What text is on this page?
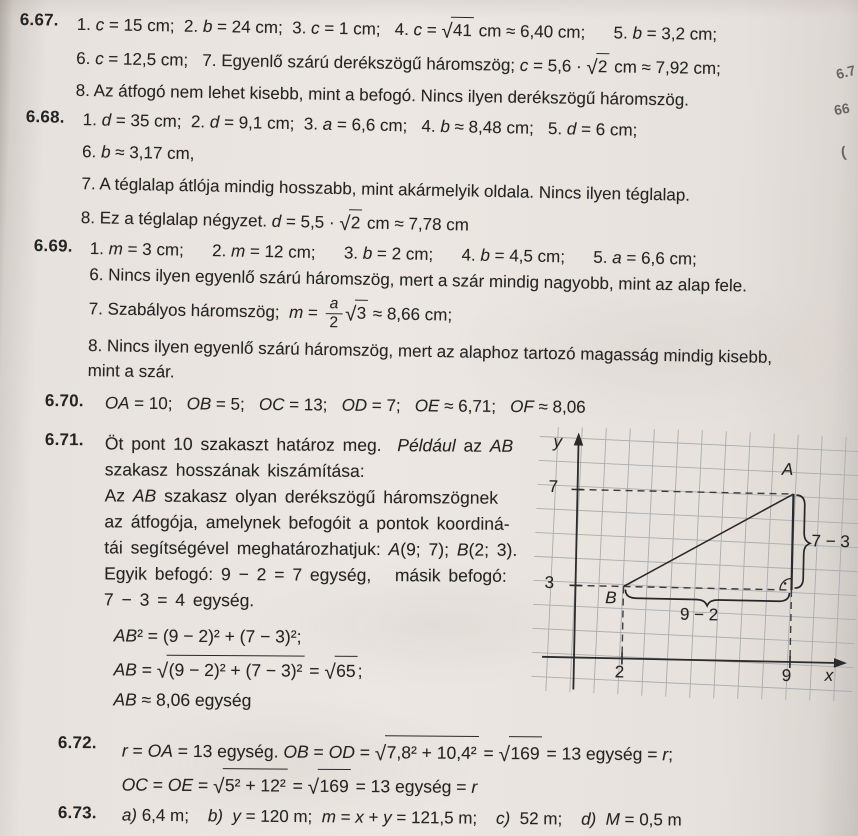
6.67. 1. c = 15 cm;  2. b = 24 cm;  3. c = 1 cm;   4. c = √41 cm ≈ 6,40 cm;      5. b = 3,2 cm;
6. c = 12,5 cm;   7. Egyenlő szárú derékszögű háromszög; c = 5,6 · √2 cm ≈ 7,92 cm;
8. Az átfogó nem lehet kisebb, mint a befogó. Nincs ilyen derékszögű háromszög.
6.68. 1. d = 35 cm;  2. d = 9,1 cm;  3. a = 6,6 cm;   4. b ≈ 8,48 cm;   5. d = 6 cm;
6. b ≈ 3,17 cm,
7. A téglalap átlója mindig hosszabb, mint akármelyik oldala. Nincs ilyen téglalap.
8. Ez a téglalap négyzet. d = 5,5 · √2 cm ≈ 7,78 cm
6.69. 1. m = 3 cm;      2. m = 12 cm;      3. b = 2 cm;      4. b = 4,5 cm;      5. a = 6,6 cm;
6. Nincs ilyen egyenlő szárú háromszög, mert a szár mindig nagyobb, mint az alap fele.
7. Szabályos háromszög;  $m = \frac{a}{2} √3 \approx 8,66$ cm;
8. Nincs ilyen egyenlő szárú háromszög, mert az alaphoz tartozó magasság mindig kisebb,
mint a szár.
6.70. OA = 10;   OB = 5;   OC = 13;   OD = 7;   OE ≈ 6,71;   OF ≈ 8,06
6.71. Öt pont 10 szakaszt határoz meg.  Például az AB
szakasz hosszának kiszámítása:
Az AB szakasz olyan derékszögű háromszögnek
az átfogója, amelynek befogóit a pontok koordiná-
tái segítségével meghatározhatjuk: A(9; 7); B(2; 3).
Egyik befogó: 9 − 2 = 7 egység,   másik befogó:
7 − 3 = 4 egység.
AB² = (9 − 2)² + (7 − 3)²;
AB = √(9 − 2)² + (7 − 3)² = √65 ;
AB ≈ 8,06 egység
6.72. r = OA = 13 egység. OB = OD = √7,8² + 10,4² = √169 = 13 egység = r;
OC = OE = √5² + 12² = √169 = 13 egység = r
6.73. a) 6,4 m;    b) y = 120 m;  m = x + y = 121,5 m;    c)  52 m;    d) M = 0,5 m
y
x
7
3
2	9
A
B
9 − 2
7 − 3
6.7
66
(
